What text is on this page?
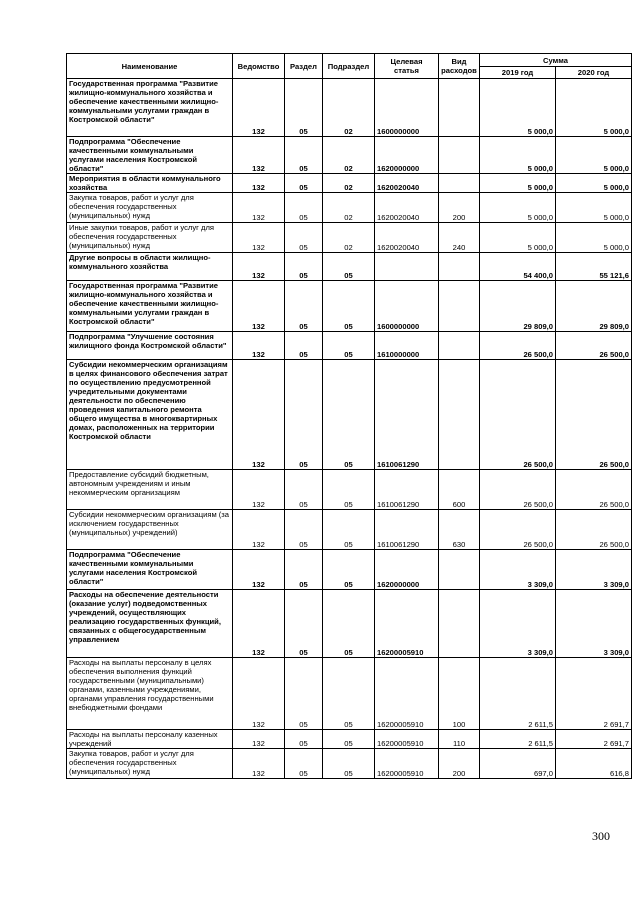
Наименование	Ведомство	Раздел	Подраздел	Целевая статья	Вид расходов	Сумма	
						2019 год	2020 год
Государственная программа "Развитие жилищно-коммунального хозяйства и обеспечение качественными жилищно-коммунальными услугами граждан в Костромской области"	132	05	02	1600000000		5 000,0	5 000,0
Подпрограмма "Обеспечение качественными коммунальными услугами населения Костромской области"	132	05	02	1620000000		5 000,0	5 000,0
Мероприятия в области коммунального хозяйства	132	05	02	1620020040		5 000,0	5 000,0
Закупка товаров, работ и услуг для обеспечения государственных (муниципальных) нужд	132	05	02	1620020040	200	5 000,0	5 000,0
Иные закупки товаров, работ и услуг для обеспечения государственных (муниципальных) нужд	132	05	02	1620020040	240	5 000,0	5 000,0
Другие вопросы в области жилищно-коммунального хозяйства	132	05	05			54 400,0	55 121,6
Государственная программа "Развитие жилищно-коммунального хозяйства и обеспечение качественными жилищно-коммунальными услугами граждан в Костромской области"	132	05	05	1600000000		29 809,0	29 809,0
Подпрограмма "Улучшение состояния жилищного фонда Костромской области"	132	05	05	1610000000		26 500,0	26 500,0
Субсидии некоммерческим организациям в целях финансового обеспечения затрат по осуществлению предусмотренной учредительными документами деятельности по обеспечению проведения капитального ремонта общего имущества в многоквартирных домах, расположенных на территории Костромской области	132	05	05	1610061290		26 500,0	26 500,0
Предоставление субсидий бюджетным, автономным учреждениям и иным некоммерческим организациям	132	05	05	1610061290	600	26 500,0	26 500,0
Субсидии некоммерческим организациям (за исключением государственных (муниципальных) учреждений)	132	05	05	1610061290	630	26 500,0	26 500,0
Подпрограмма "Обеспечение качественными коммунальными услугами населения Костромской области"	132	05	05	1620000000		3 309,0	3 309,0
Расходы на обеспечение деятельности (оказание услуг) подведомственных учреждений, осуществляющих реализацию государственных функций, связанных с общегосударственным управлением	132	05	05	16200005910		3 309,0	3 309,0
Расходы на выплаты персоналу в целях обеспечения выполнения функций государственными (муниципальными) органами, казенными учреждениями, органами управления государственными внебюджетными фондами	132	05	05	16200005910	100	2 611,5	2 691,7
Расходы на выплаты персоналу казенных учреждений	132	05	05	16200005910	110	2 611,5	2 691,7
Закупка товаров, работ и услуг для обеспечения государственных (муниципальных) нужд	132	05	05	16200005910	200	697,0	616,8
300
